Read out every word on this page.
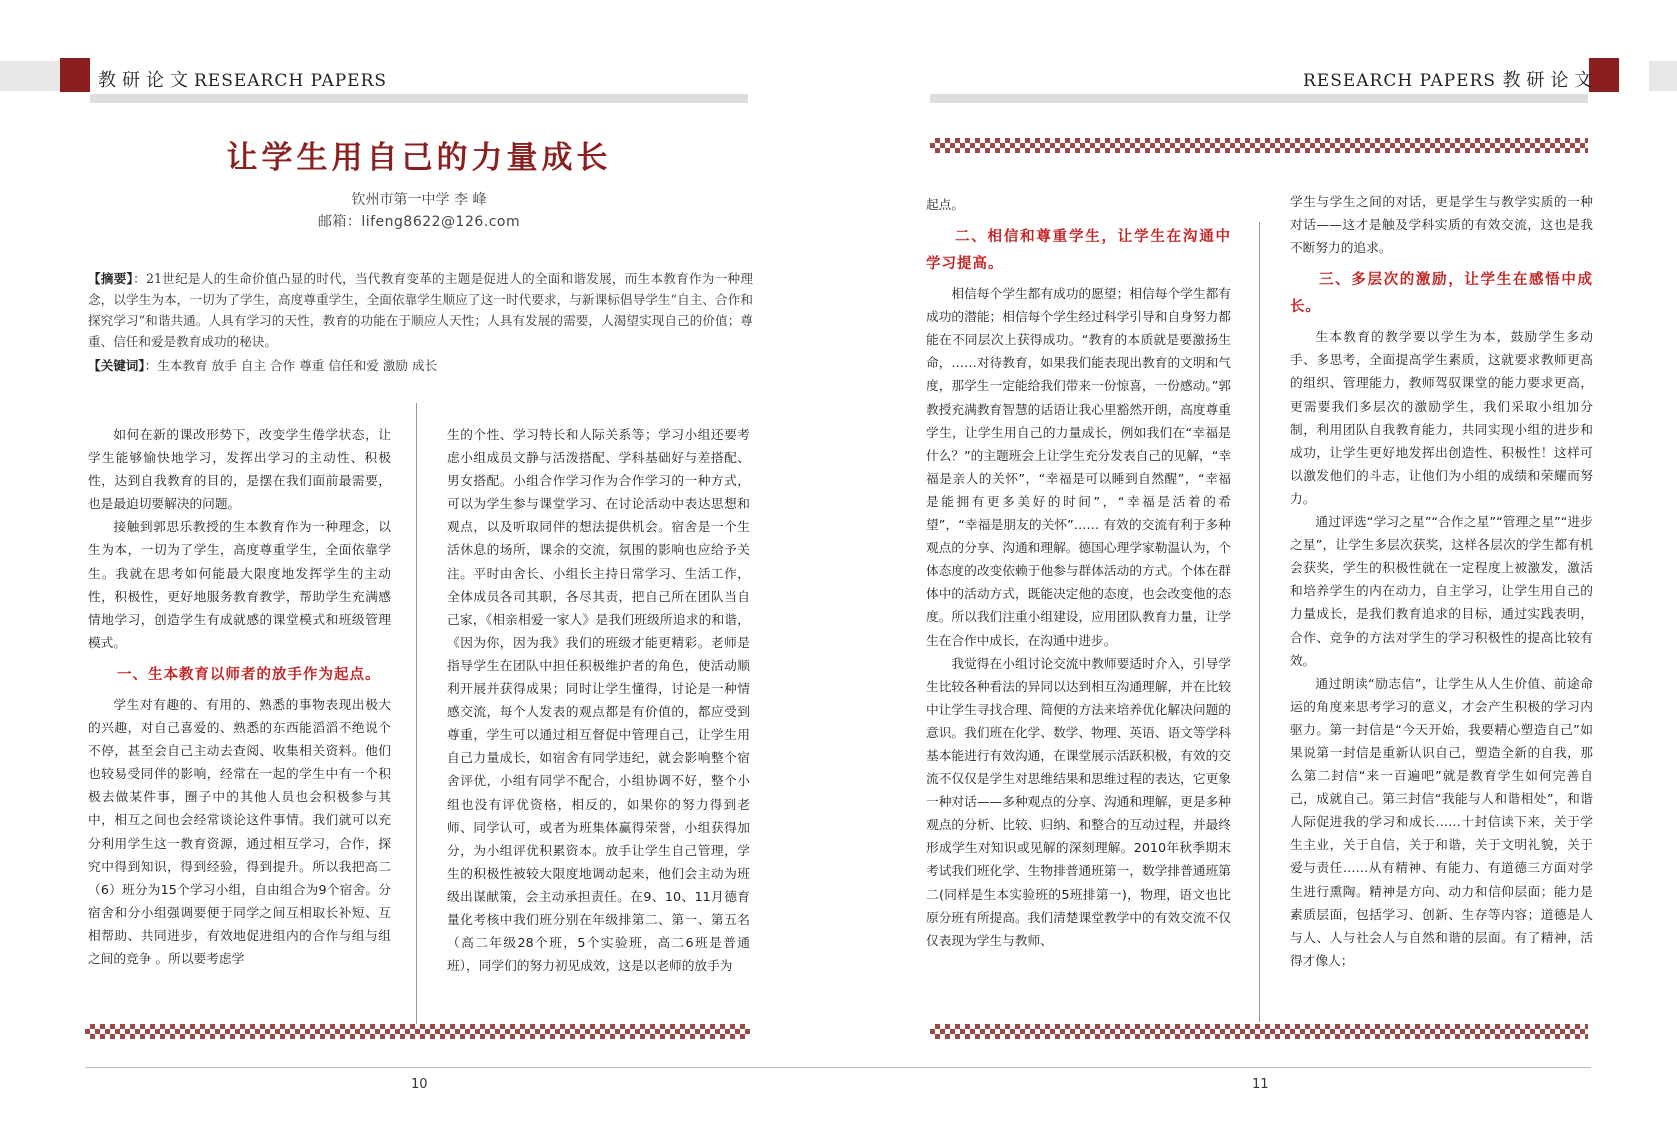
教研论文RESEARCH PAPERS
让学生用自己的力量成长
钦州市第一中学 李 峰
邮箱：lifeng8622@126.com
【摘要】：21世纪是人的生命价值凸显的时代，当代教育变革的主题是促进人的全面和谐发展，而生本教育作为一种理念，以学生为本，一切为了学生，高度尊重学生，全面依靠学生顺应了这一时代要求，与新课标倡导学生“自主、合作和探究学习”和谐共通。人具有学习的天性，教育的功能在于顺应人天性；人具有发展的需要，人渴望实现自己的价值；尊重、信任和爱是教育成功的秘诀。
【关键词】：生本教育 放手 自主 合作 尊重 信任和爱 激励 成长

如何在新的课改形势下，改变学生倦学状态，让学生能够愉快地学习，发挥出学习的主动性、积极性，达到自我教育的目的，是摆在我们面前最需要，也是最迫切要解决的问题。

接触到郭思乐教授的生本教育作为一种理念，以生为本，一切为了学生，高度尊重学生，全面依靠学生。我就在思考如何能最大限度地发挥学生的主动性，积极性，更好地服务教育教学，帮助学生充满感情地学习，创造学生有成就感的课堂模式和班级管理模式。

一、生本教育以师者的放手作为起点。

学生对有趣的、有用的、熟悉的事物表现出极大的兴趣，对自己喜爱的、熟悉的东西能滔滔不绝说个不停，甚至会自己主动去查阅、收集相关资料。他们也较易受同伴的影响，经常在一起的学生中有一个积极去做某件事，圈子中的其他人员也会积极参与其中，相互之间也会经常谈论这件事情。我们就可以充分利用学生这一教育资源，通过相互学习，合作，探究中得到知识，得到经验，得到提升。所以我把高二（6）班分为15个学习小组，自由组合为9个宿舍。分宿舍和分小组强调要便于同学之间互相取长补短、互相帮助、共同进步，有效地促进组内的合作与组与组之间的竞争 。所以要考虑学

生的个性、学习特长和人际关系等；学习小组还要考虑小组成员文静与活泼搭配、学科基础好与差搭配、男女搭配。小组合作学习作为合作学习的一种方式，可以为学生参与课堂学习、在讨论活动中表达思想和观点，以及听取同伴的想法提供机会。宿舍是一个生活休息的场所，课余的交流，氛围的影响也应给予关注。平时由舍长、小组长主持日常学习、生活工作，全体成员各司其职，各尽其责，把自己所在团队当自己家，《相亲相爱一家人》是我们班级所追求的和谐，《因为你，因为我》我们的班级才能更精彩。老师是指导学生在团队中担任积极维护者的角色，使活动顺利开展并获得成果；同时让学生懂得，讨论是一种情感交流，每个人发表的观点都是有价值的，都应受到尊重，学生可以通过相互督促中管理自己，让学生用自己力量成长，如宿舍有同学违纪，就会影响整个宿舍评优，小组有同学不配合，小组协调不好，整个小组也没有评优资格，相反的，如果你的努力得到老师、同学认可，或者为班集体赢得荣誉，小组获得加分，为小组评优积累资本。放手让学生自己管理，学生的积极性被较大限度地调动起来，他们会主动为班级出谋献策，会主动承担责任。在9、10、11月德育量化考核中我们班分别在年级排第二、第一、第五名（高二年级28个班，5个实验班，高二6班是普通班），同学们的努力初见成效，这是以老师的放手为

10
RESEARCH PAPERS 教研论文

起点。

二、相信和尊重学生，让学生在沟通中学习提高。

相信每个学生都有成功的愿望；相信每个学生都有成功的潜能；相信每个学生经过科学引导和自身努力都能在不同层次上获得成功。“教育的本质就是要激扬生命，……对待教育，如果我们能表现出教育的文明和气度，那学生一定能给我们带来一份惊喜，一份感动。”郭教授充满教育智慧的话语让我心里豁然开朗，高度尊重学生，让学生用自己的力量成长，例如我们在“幸福是什么？”的主题班会上让学生充分发表自己的见解，“幸福是亲人的关怀”，“幸福是可以睡到自然醒”，“幸福是能拥有更多美好的时间”，“幸福是活着的希望”，“幸福是朋友的关怀”…… 有效的交流有利于多种观点的分享、沟通和理解。德国心理学家勒温认为，个体态度的改变依赖于他参与群体活动的方式。个体在群体中的活动方式，既能决定他的态度，也会改变他的态度。所以我们注重小组建设，应用团队教育力量，让学生在合作中成长，在沟通中进步。

我觉得在小组讨论交流中教师要适时介入，引导学生比较各种看法的异同以达到相互沟通理解，并在比较中让学生寻找合理、简便的方法来培养优化解决问题的意识。我们班在化学、数学、物理、英语、语文等学科基本能进行有效沟通，在课堂展示活跃积极，有效的交流不仅仅是学生对思维结果和思维过程的表达，它更象一种对话——多种观点的分享、沟通和理解，更是多种观点的分析、比较、归纳、和整合的互动过程，并最终形成学生对知识或见解的深刻理解。2010年秋季期末考试我们班化学、生物排普通班第一，数学排普通班第二(同样是生本实验班的5班排第一)，物理，语文也比原分班有所提高。我们清楚课堂教学中的有效交流不仅仅表现为学生与教师、

学生与学生之间的对话，更是学生与教学实质的一种对话——这才是触及学科实质的有效交流，这也是我不断努力的追求。

三、多层次的激励，让学生在感悟中成长。

生本教育的教学要以学生为本，鼓励学生多动手、多思考，全面提高学生素质，这就要求教师更高的组织、管理能力，教师驾驭课堂的能力要求更高，更需要我们多层次的激励学生，我们采取小组加分制，利用团队自我教育能力，共同实现小组的进步和成功，让学生更好地发挥出创造性、积极性！这样可以激发他们的斗志，让他们为小组的成绩和荣耀而努力。

通过评选“学习之星”“合作之星”“管理之星”“进步之星”，让学生多层次获奖，这样各层次的学生都有机会获奖，学生的积极性就在一定程度上被激发，激活和培养学生的内在动力，自主学习，让学生用自己的力量成长，是我们教育追求的目标，通过实践表明，合作、竞争的方法对学生的学习积极性的提高比较有效。

通过朗读“励志信”，让学生从人生价值、前途命运的角度来思考学习的意义，才会产生积极的学习内驱力。第一封信是“今天开始，我要精心塑造自己”如果说第一封信是重新认识自己，塑造全新的自我，那么第二封信“来一百遍吧”就是教育学生如何完善自己，成就自己。第三封信“我能与人和谐相处”，和谐人际促进我的学习和成长……十封信读下来，关于学生主业，关于自信，关于和谐，关于文明礼貌，关于爱与责任……从有精神、有能力、有道德三方面对学生进行熏陶。精神是方向、动力和信仰层面；能力是素质层面，包括学习、创新、生存等内容；道德是人与人、人与社会人与自然和谐的层面。有了精神，活得才像人；

11
